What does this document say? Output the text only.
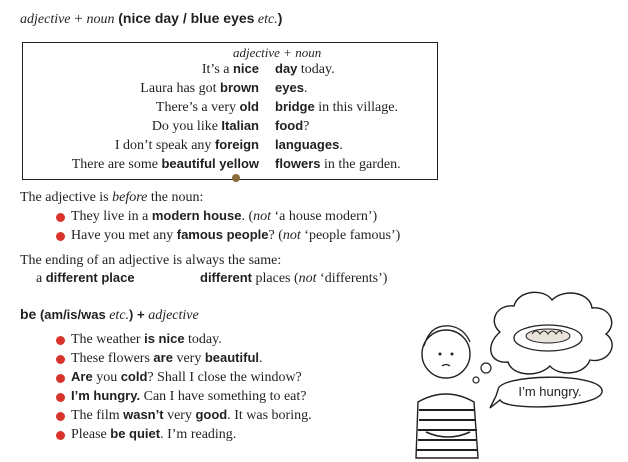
adjective + noun (nice day / blue eyes etc.)
adjective + noun
It’s a nice day today.
Laura has got brown eyes.
There’s a very old bridge in this village.
Do you like Italian food?
I don’t speak any foreign languages.
There are some beautiful yellow flowers in the garden.
The adjective is before the noun:
They live in a modern house. (not ‘a house modern’)
Have you met any famous people? (not ‘people famous’)
The ending of an adjective is always the same:
a different place	different places (not ‘differents’)
be (am/is/was etc.) + adjective
The weather is nice today.
These flowers are very beautiful.
Are you cold? Shall I close the window?
I’m hungry. Can I have something to eat?
The film wasn’t very good. It was boring.
Please be quiet. I’m reading.
I’m hungry.
